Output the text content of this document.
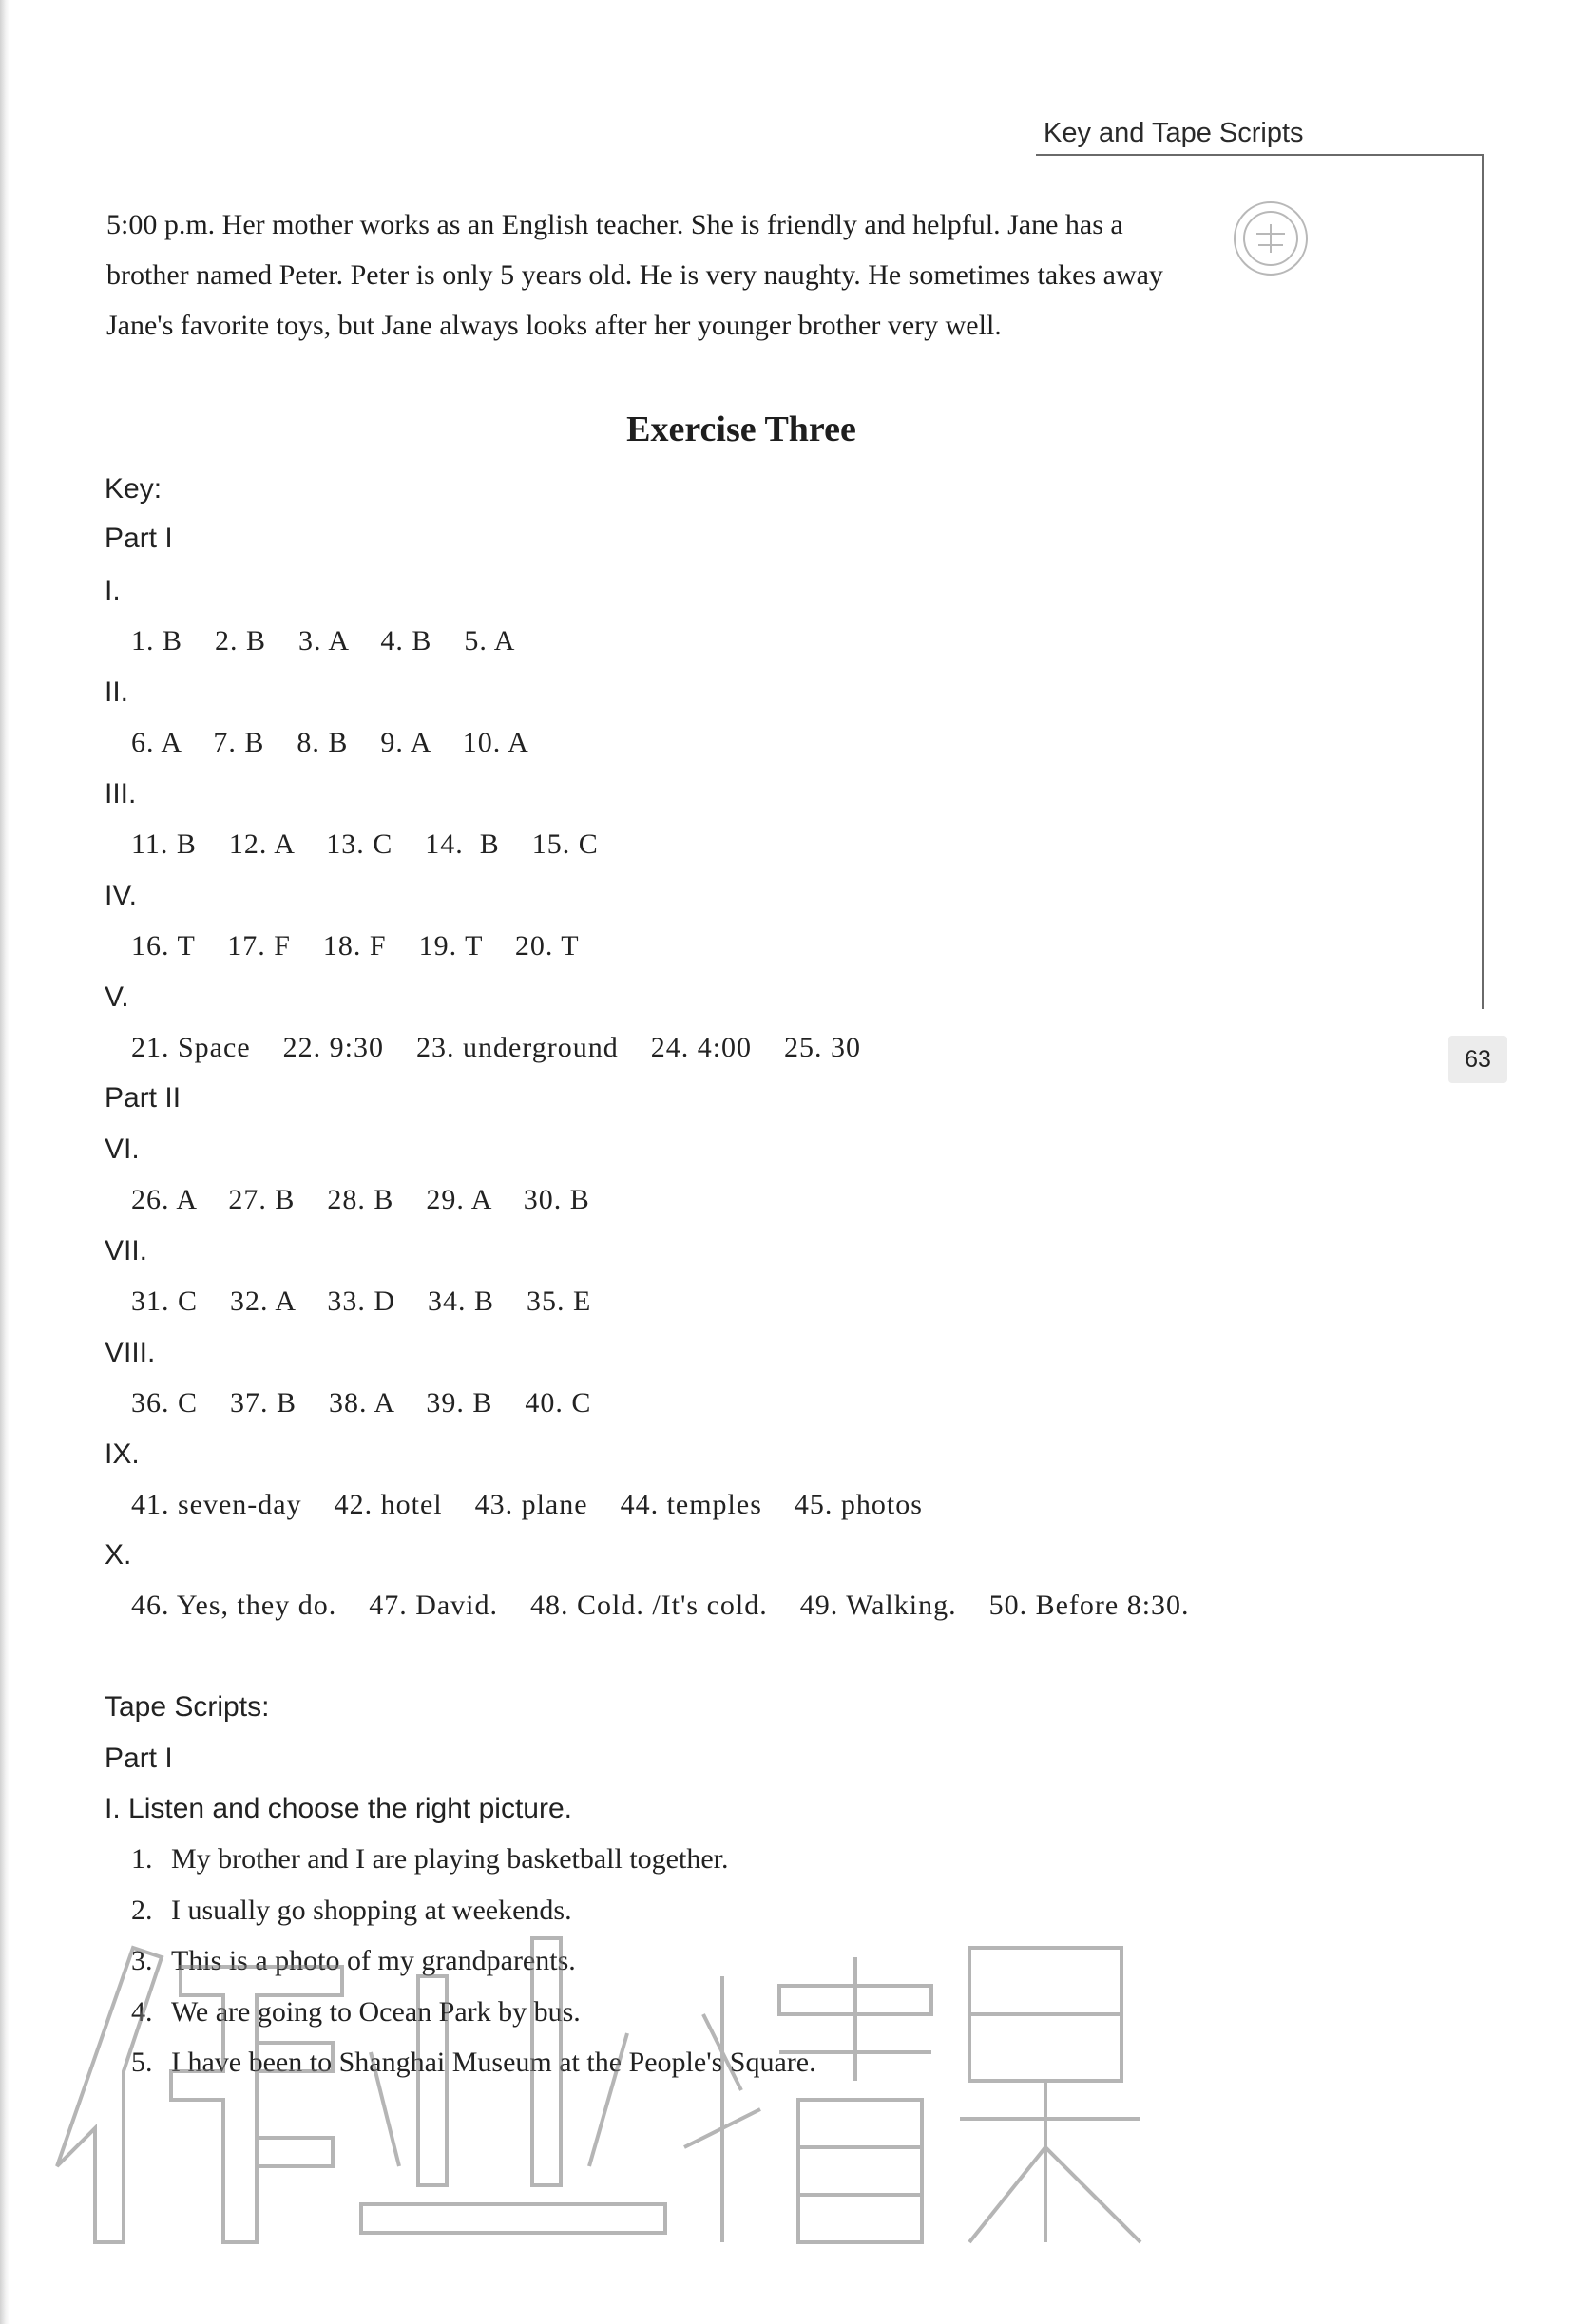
Key and Tape Scripts
63

5:00 p.m. Her mother works as an English teacher. She is friendly and helpful. Jane has a
brother named Peter. Peter is only 5 years old. He is very naughty. He sometimes takes away
Jane's favorite toys, but Jane always looks after her younger brother very well.

Exercise Three
Key:
Part I
I.
1. B    2. B    3. A    4. B    5. A
II.
6. A    7. B    8. B    9. A    10. A
III.
11. B    12. A    13. C    14.  B    15. C
IV.
16. T    17. F    18. F    19. T    20. T
V.
21. Space    22. 9:30    23. underground    24. 4:00    25. 30
Part II
VI.
26. A    27. B    28. B    29. A    30. B
VII.
31. C    32. A    33. D    34. B    35. E
VIII.
36. C    37. B    38. A    39. B    40. C
IX.
41. seven-day    42. hotel    43. plane    44. temples    45. photos
X.
46. Yes, they do.    47. David.    48. Cold. /It's cold.    49. Walking.    50. Before 8:30.
Tape Scripts:
Part I
I. Listen and choose the right picture.
1. My brother and I are playing basketball together.
2. I usually go shopping at weekends.
3. This is a photo of my grandparents.
4. We are going to Ocean Park by bus.
5. I have been to Shanghai Museum at the People's Square.
